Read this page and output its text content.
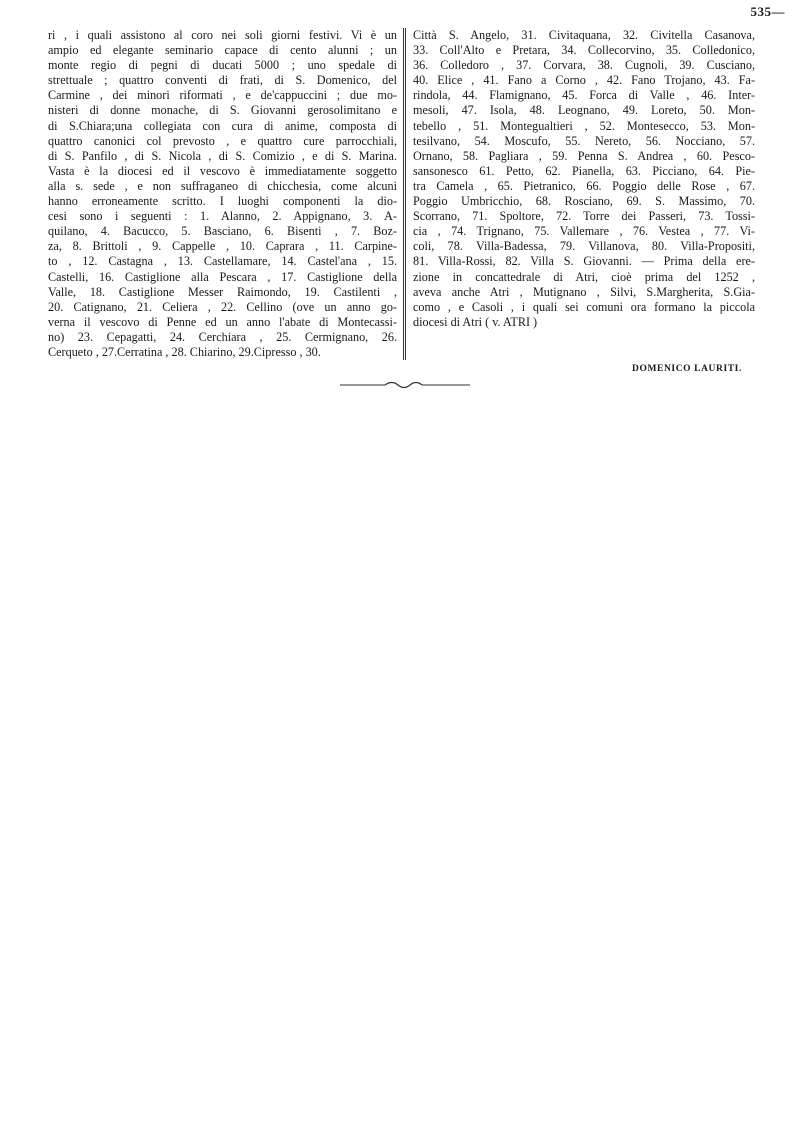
535—
ri , i quali assistono al coro nei soli giorni festivi. Vi è un
ampio ed elegante seminario capace di cento alunni ; un
monte regio di pegni di ducati 5000 ; uno spedale di
strettuale ; quattro conventi di frati, di S. Domenico, del
Carmine , dei minori riformati , e de'cappuccini ; due mo-
nisteri di donne monache, di S. Giovanni gerosolimitano e
di S.Chiara;una collegiata con cura di anime, composta di
quattro canonici col prevosto , e quattro cure parrocchiali,
di S. Panfilo , di S. Nicola , di S. Comizio , e di S. Marina.
Vasta è la diocesi ed il vescovo è immediatamente soggetto
alla s. sede , e non suffraganeo di chicchesia, come alcuni
hanno erroneamente scritto. I luoghi componenti la dio-
cesi sono i seguenti : 1. Alanno, 2. Appignano, 3. A-
quilano, 4. Bacucco, 5. Basciano, 6. Bisenti , 7. Boz-
za, 8. Brittoli , 9. Cappelle , 10. Caprara , 11. Carpine-
to , 12. Castagna , 13. Castellamare, 14. Castel'ana , 15.
Castelli, 16. Castiglione alla Pescara , 17. Castiglione della
Valle, 18. Castiglione Messer Raimondo, 19. Castilenti ,
20. Catignano, 21. Celiera , 22. Cellino (ove un anno go-
verna il vescovo di Penne ed un anno l'abate di Montecassi-
no) 23. Cepagatti, 24. Cerchiara , 25. Cermignano, 26.
Cerqueto , 27.Cerratina , 28. Chiarino, 29.Cipresso , 30.
Città S. Angelo, 31. Civitaquana, 32. Civitella Casanova,
33. Coll'Alto e Pretara, 34. Collecorvino, 35. Colledonico,
36. Colledoro , 37. Corvara, 38. Cugnoli, 39. Cusciano,
40. Elice , 41. Fano a Corno , 42. Fano Trojano, 43. Fa-
rindola, 44. Flamignano, 45. Forca di Valle , 46. Inter-
mesoli, 47. Isola, 48. Leognano, 49. Loreto, 50. Mon-
tebello , 51. Montegualtieri , 52. Montesecco, 53. Mon-
tesilvano, 54. Moscufo, 55. Nereto, 56. Nocciano, 57.
Ornano, 58. Pagliara , 59. Penna S. Andrea , 60. Pesco-
sansonesco 61. Petto, 62. Pianella, 63. Picciano, 64. Pie-
tra Camela , 65. Pietranico, 66. Poggio delle Rose , 67.
Poggio Umbricchio, 68. Rosciano, 69. S. Massimo, 70.
Scorrano, 71. Spoltore, 72. Torre dei Passeri, 73. Tossi-
cia , 74. Trignano, 75. Vallemare , 76. Vestea , 77. Vi-
coli, 78. Villa-Badessa, 79. Villanova, 80. Villa-Propositi,
81. Villa-Rossi, 82. Villa S. Giovanni. — Prima della ere-
zione in concattedrale di Atri, cioè prima del 1252 ,
aveva anche Atri , Mutignano , Silvi, S.Margherita, S.Gia-
como , e Casoli , i quali sei comuni ora formano la piccola
diocesi di Atri ( v. ATRI )
DOMENICO LAURITI.
